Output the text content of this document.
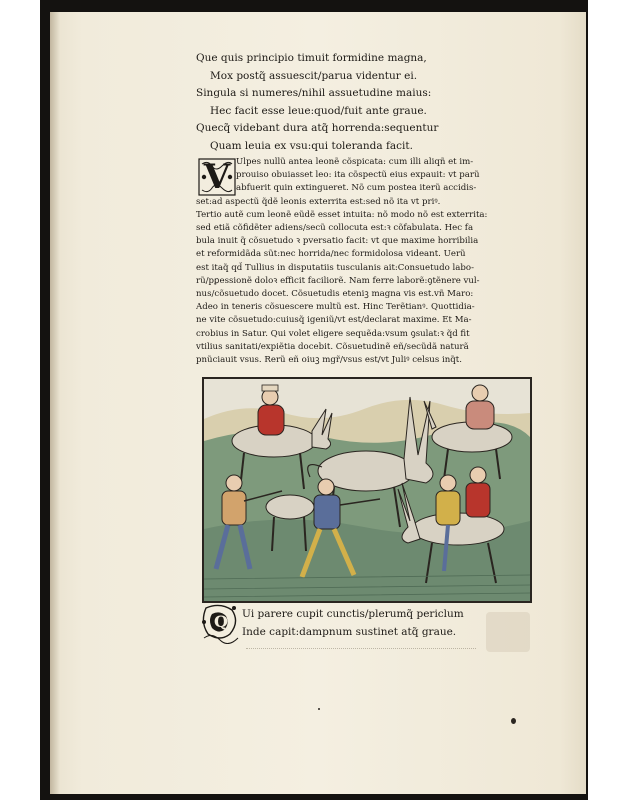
Que quis principio timuit formidine magna,
Mox postq̃ assuescit/parua videntur ei.
Singula si numeres/nihil assuetudine maius:
Hec facit esse leue:quod/fuit ante graue.
Quecq̃ videbant dura atq̃ horrenda:sequentur
Quam leuia ex vsu:qui toleranda facit.
V Ulpes nullũ antea leonẽ cõspicata: cum illi aliqñ et im-
prouiso obuiasset leo: ita cõspectũ eius expauit: vt parũ
abfuerit quin extingueret. Nõ cum postea iterũ accidis-
set:ad aspectũ q̃dẽ leonis exterrita est:sed nõ ita vt priꝰ.
Tertio autẽ cum leonẽ eũdẽ esset intuita: nõ modo nõ est exterrita:
sed etiã cõfidẽter adiens/secũ collocuta est:ꝛ cõfabulata. Hec fa
bula inuit q̃ cõsuetudo ꝛ pversatio facit: vt que maxime horribilia
et reformidãda sũt:nec horrida/nec formidolosa videant. Uerũ
est itaq̃ qd̃ Tullius in disputatiis tusculanis ait:Consuetudo labo-
rũ/pꝑessionẽ doloꝛ efficit faciliorẽ. Nam ferre laborẽ:ꝯtẽnere vul-
nus/cõsuetudo docet. Cõsuetudis eteniꝫ magna vis est.vñ Maro:
Adeo in teneris cõsuescere multũ est. Hinc Terẽtianꝰ. Quottidia-
ne vite cõsuetudo:cuiusq̃ igeniũ/vt est/declarat maxime. Et Ma-
crobius in Satur. Qui volet eligere sequẽda:vsum ꝯsulat:ꝛ q̃d fit
vtilius sanitati/expiẽtia docebit. Cõsuetudinẽ eñ/secũdã naturã
pnũciauit vsus. Rerũ eñ oiuꝫ mgr̃/vsus est/vt Juliꝰ celsus inq̃t.
Q	Ui parere cupit cunctis/plerumq̃ periclum
Inde capit:dampnum sustinet atq̃ graue.
